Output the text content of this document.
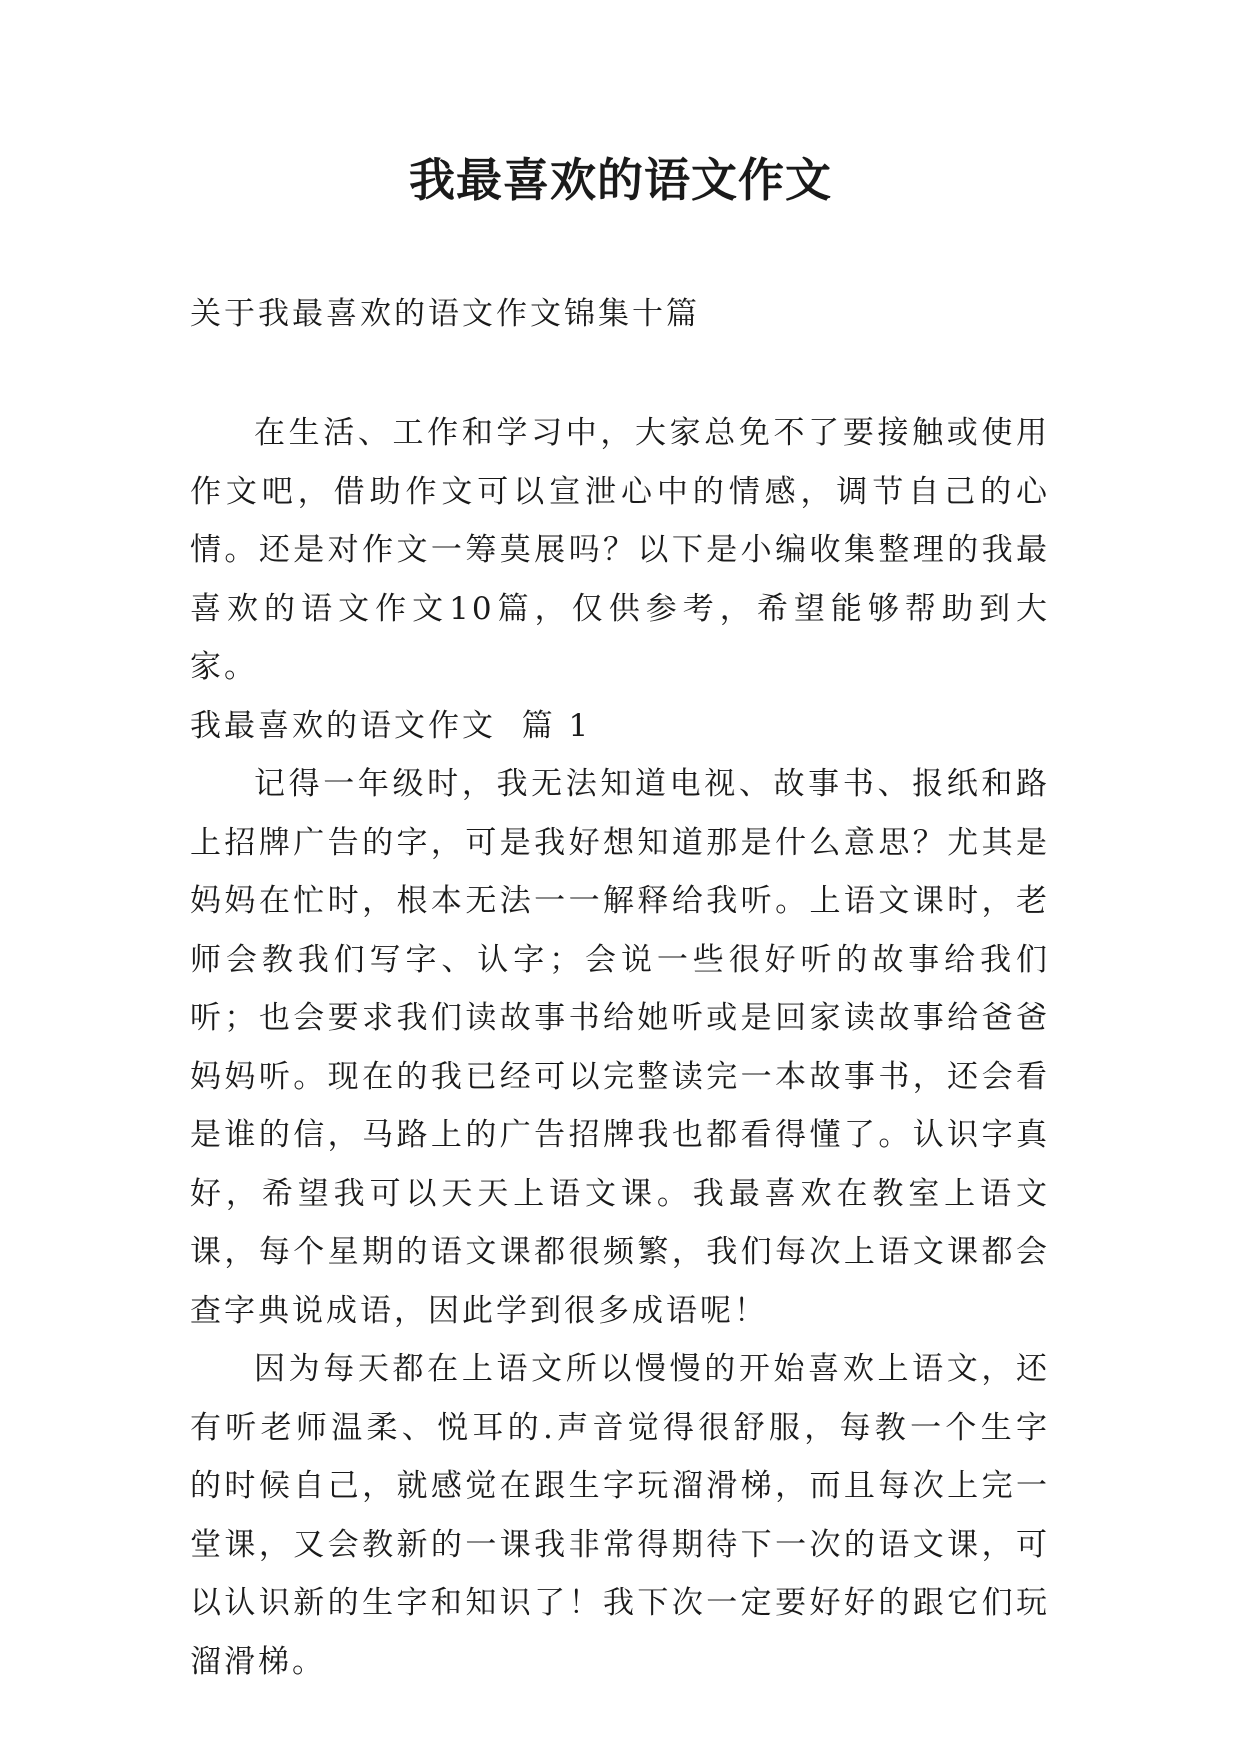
我最喜欢的语文作文
关于我最喜欢的语文作文锦集十篇

在生活、工作和学习中，大家总免不了要接触或使用作文吧，借助作文可以宣泄心中的情感，调节自己的心情。还是对作文一筹莫展吗？以下是小编收集整理的我最喜欢的语文作文10篇，仅供参考，希望能够帮助到大家。

我最喜欢的语文作文  篇 1

记得一年级时，我无法知道电视、故事书、报纸和路上招牌广告的字，可是我好想知道那是什么意思？尤其是妈妈在忙时，根本无法一一解释给我听。上语文课时，老师会教我们写字、认字；会说一些很好听的故事给我们听；也会要求我们读故事书给她听或是回家读故事给爸爸妈妈听。现在的我已经可以完整读完一本故事书，还会看是谁的信，马路上的广告招牌我也都看得懂了。认识字真好，希望我可以天天上语文课。我最喜欢在教室上语文课，每个星期的语文课都很频繁，我们每次上语文课都会查字典说成语，因此学到很多成语呢！

因为每天都在上语文所以慢慢的开始喜欢上语文，还有听老师温柔、悦耳的.声音觉得很舒服，每教一个生字的时候自己，就感觉在跟生字玩溜滑梯，而且每次上完一堂课，又会教新的一课我非常得期待下一次的语文课，可以认识新的生字和知识了！我下次一定要好好的跟它们玩溜滑梯。
